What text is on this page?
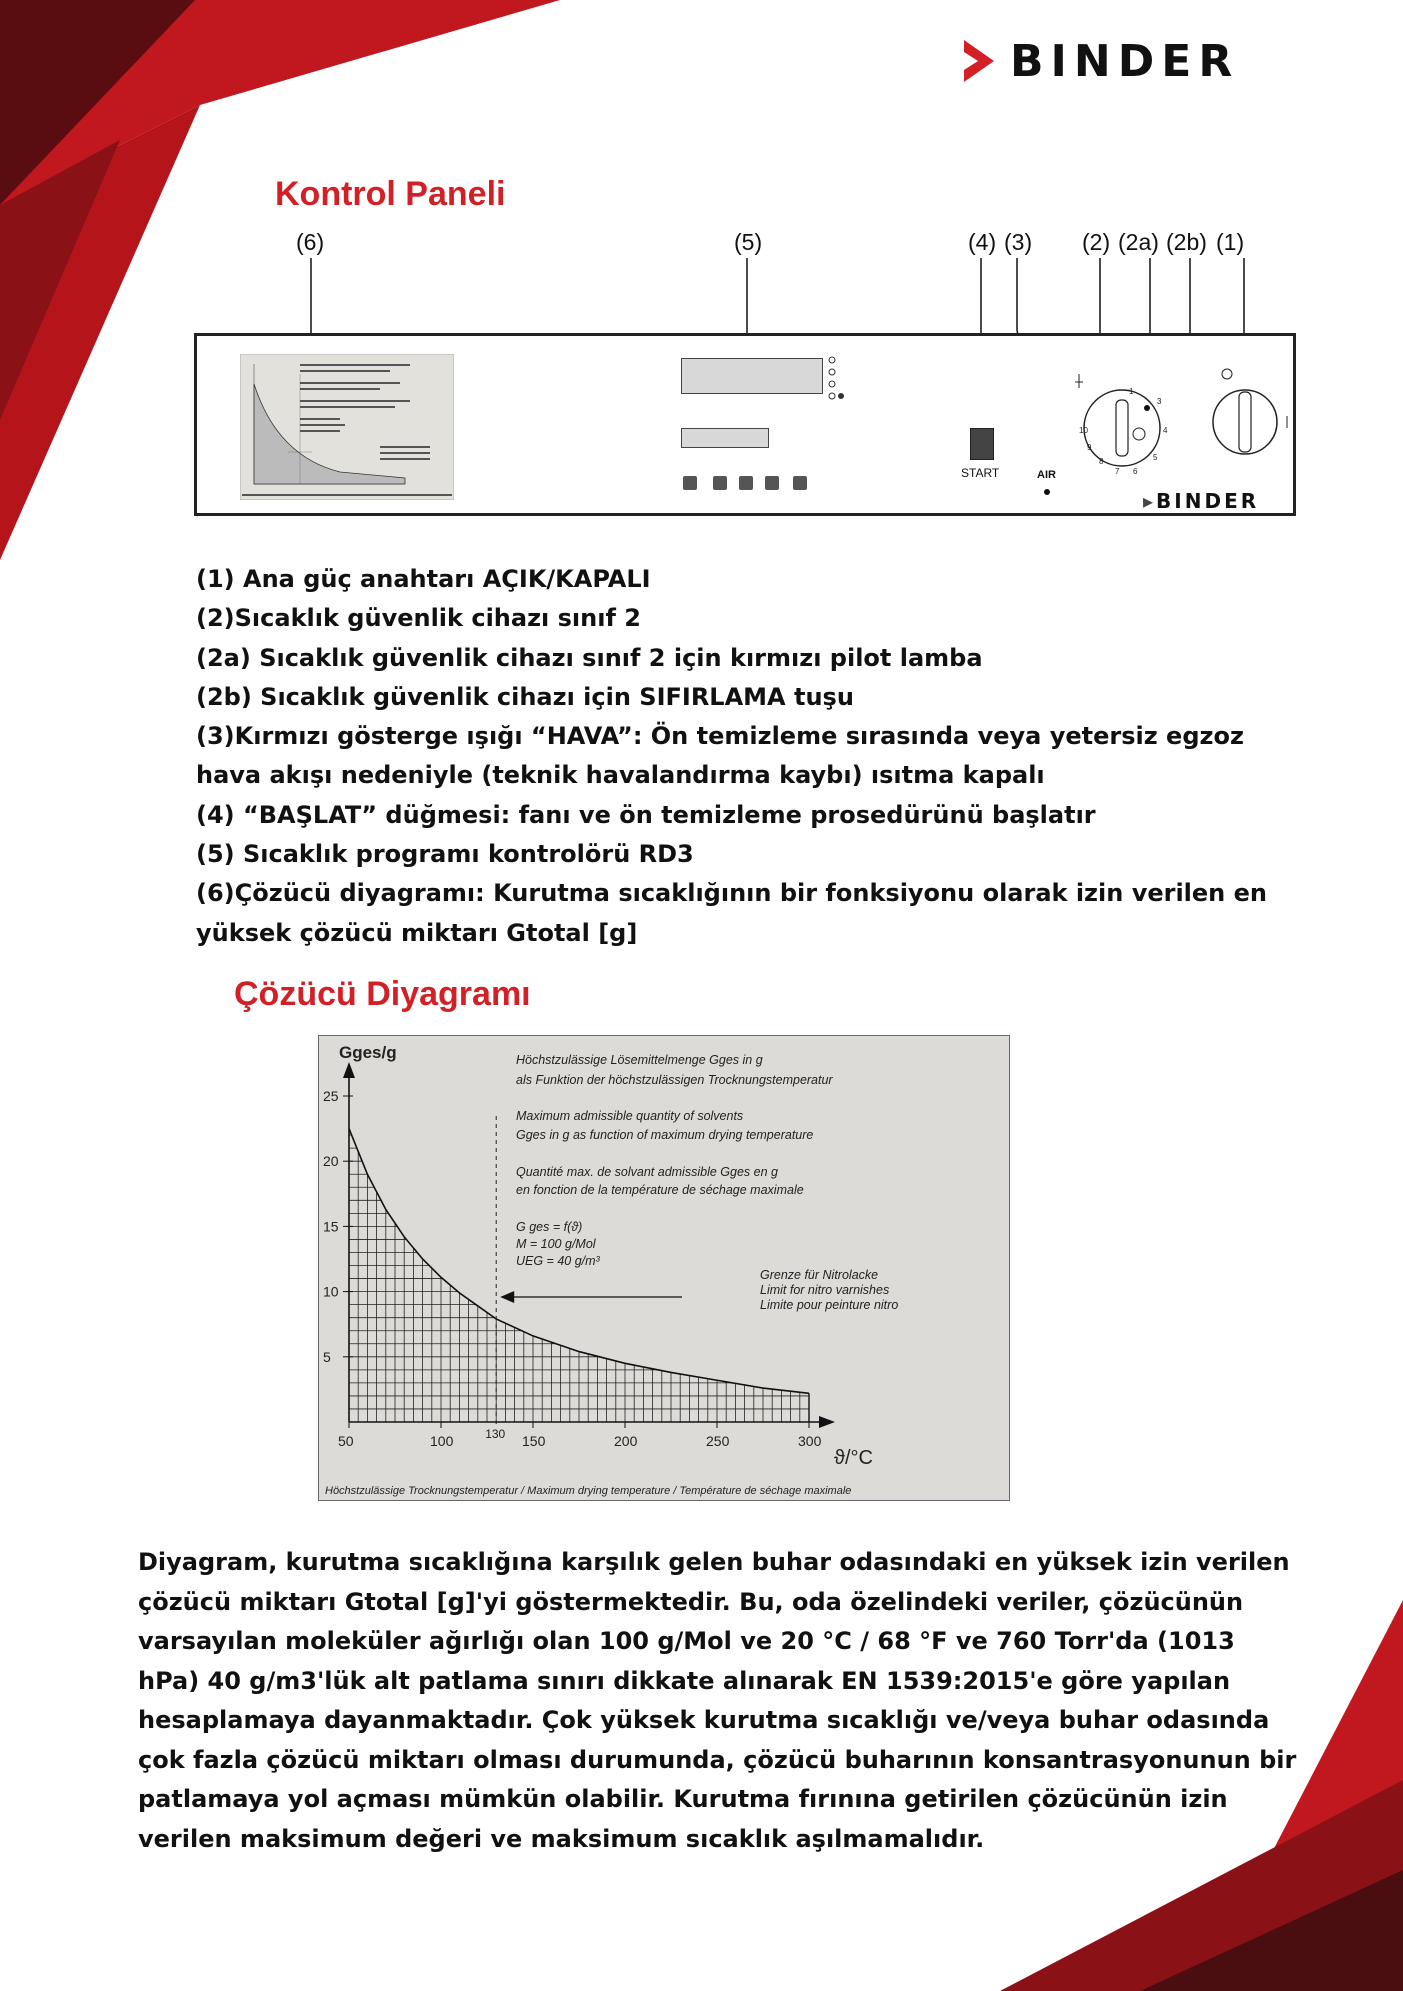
BINDER
Kontrol Paneli
(6)	(5)	(4) (3) (2) (2a) (2b) (1)
START	AIR
1
3
4
5
6
7
8
9
10
▸BINDER

(1) Ana güç anahtarı AÇIK/KAPALI

(2)Sıcaklık güvenlik cihazı sınıf 2

(2a) Sıcaklık güvenlik cihazı sınıf 2 için kırmızı pilot lamba

(2b) Sıcaklık güvenlik cihazı için SIFIRLAMA tuşu

(3)Kırmızı gösterge ışığı “HAVA”: Ön temizleme sırasında veya yetersiz egzoz hava akışı nedeniyle (teknik havalandırma kaybı) ısıtma kapalı

(4) “BAŞLAT” düğmesi: fanı ve ön temizleme prosedürünü başlatır

(5) Sıcaklık programı kontrolörü RD3

(6)Çözücü diyagramı: Kurutma sıcaklığının bir fonksiyonu olarak izin verilen en yüksek çözücü miktarı Gtotal [g]

Çözücü Diyagramı
Gges/g
ϑ/°C
50	100	150	200	250	300
5
10
15
20
25
130
Höchstzulässige Lösemittelmenge Gges in g
als Funktion der höchstzulässigen Trocknungstemperatur
Maximum admissible quantity of solvents
Gges in g as function of maximum drying temperature
Quantité max. de solvant admissible Gges en g
en fonction de la température de séchage maximale
G ges = f(ϑ)
M = 100 g/Mol
UEG = 40 g/m³
Grenze für Nitrolacke
Limit for nitro varnishes
Limite pour peinture nitro
Höchstzulässige Trocknungstemperatur / Maximum drying temperature / Température de séchage maximale
Diyagram, kurutma sıcaklığına karşılık gelen buhar odasındaki en yüksek izin verilen çözücü miktarı Gtotal [g]'yi göstermektedir. Bu, oda özelindeki veriler, çözücünün varsayılan moleküler ağırlığı olan 100 g/Mol ve 20 °C / 68 °F ve 760 Torr'da (1013 hPa) 40 g/m3'lük alt patlama sınırı dikkate alınarak EN 1539:2015'e göre yapılan hesaplamaya dayanmaktadır. Çok yüksek kurutma sıcaklığı ve/veya buhar odasında çok fazla çözücü miktarı olması durumunda, çözücü buharının konsantrasyonunun bir patlamaya yol açması mümkün olabilir. Kurutma fırınına getirilen çözücünün izin verilen maksimum değeri ve maksimum sıcaklık aşılmamalıdır.
